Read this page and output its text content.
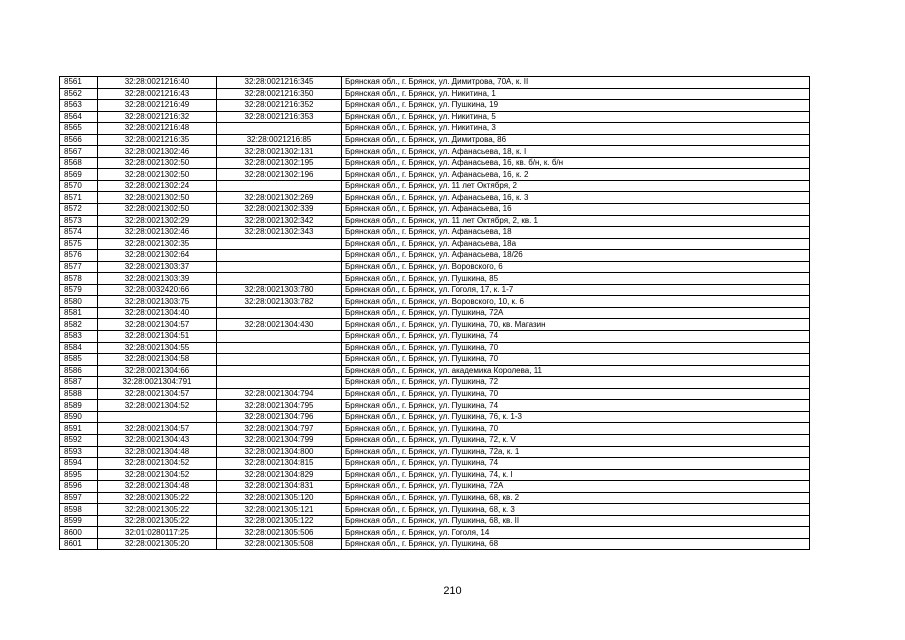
8561	32:28:0021216:40	32:28:0021216:345	Брянская обл., г. Брянск, ул. Димитрова, 70А, к. II
8562	32:28:0021216:43	32:28:0021216:350	Брянская обл., г. Брянск, ул. Никитина, 1
8563	32:28:0021216:49	32:28:0021216:352	Брянская обл., г. Брянск, ул. Пушкина, 19
8564	32:28:0021216:32	32:28:0021216:353	Брянская обл., г. Брянск, ул. Никитина, 5
8565	32:28:0021216:48		Брянская обл., г. Брянск, ул. Никитина, 3
8566	32:28:0021216:35	32:28:0021216:85	Брянская обл., г. Брянск, ул. Димитрова, 86
8567	32:28:0021302:46	32:28:0021302:131	Брянская обл., г. Брянск, ул. Афанасьева, 18, к. I
8568	32:28:0021302:50	32:28:0021302:195	Брянская обл., г. Брянск, ул. Афанасьева, 16, кв. б/н, к. б/н
8569	32:28:0021302:50	32:28:0021302:196	Брянская обл., г. Брянск, ул. Афанасьева, 16, к. 2
8570	32:28:0021302:24		Брянская обл., г. Брянск, ул. 11 лет Октября, 2
8571	32:28:0021302:50	32:28:0021302:269	Брянская обл., г. Брянск, ул. Афанасьева, 16, к. 3
8572	32:28:0021302:50	32:28:0021302:339	Брянская обл., г. Брянск, ул. Афанасьева, 16
8573	32:28:0021302:29	32:28:0021302:342	Брянская обл., г. Брянск, ул. 11 лет Октября, 2, кв. 1
8574	32:28:0021302:46	32:28:0021302:343	Брянская обл., г. Брянск, ул. Афанасьева, 18
8575	32:28:0021302:35		Брянская обл., г. Брянск, ул. Афанасьева, 18а
8576	32:28:0021302:64		Брянская обл., г. Брянск, ул. Афанасьева, 18/26
8577	32:28:0021303:37		Брянская обл., г. Брянск, ул. Воровского, 6
8578	32:28:0021303:39		Брянская обл., г. Брянск, ул. Пушкина, 85
8579	32:28:0032420:66	32:28:0021303:780	Брянская обл., г. Брянск, ул. Гоголя, 17, к. 1-7
8580	32:28:0021303:75	32:28:0021303:782	Брянская обл., г. Брянск, ул. Воровского, 10, к. 6
8581	32:28:0021304:40		Брянская обл., г. Брянск, ул. Пушкина, 72А
8582	32:28:0021304:57	32:28:0021304:430	Брянская обл., г. Брянск, ул. Пушкина, 70, кв. Магазин
8583	32:28:0021304:51		Брянская обл., г. Брянск, ул. Пушкина, 74
8584	32:28:0021304:55		Брянская обл., г. Брянск, ул. Пушкина, 70
8585	32:28:0021304:58		Брянская обл., г. Брянск, ул. Пушкина, 70
8586	32:28:0021304:66		Брянская обл., г. Брянск, ул. академика Королева, 11
8587	32:28:0021304:791		Брянская обл., г. Брянск, ул. Пушкина, 72
8588	32:28:0021304:57	32:28:0021304:794	Брянская обл., г. Брянск, ул. Пушкина, 70
8589	32:28:0021304:52	32:28:0021304:795	Брянская обл., г. Брянск, ул. Пушкина, 74
8590		32:28:0021304:796	Брянская обл., г. Брянск, ул. Пушкина, 76, к. 1-3
8591	32:28:0021304:57	32:28:0021304:797	Брянская обл., г. Брянск, ул. Пушкина, 70
8592	32:28:0021304:43	32:28:0021304:799	Брянская обл., г. Брянск, ул. Пушкина, 72, к. V
8593	32:28:0021304:48	32:28:0021304:800	Брянская обл., г. Брянск, ул. Пушкина, 72а, к. 1
8594	32:28:0021304:52	32:28:0021304:815	Брянская обл., г. Брянск, ул. Пушкина, 74
8595	32:28:0021304:52	32:28:0021304:829	Брянская обл., г. Брянск, ул. Пушкина, 74, к. I
8596	32:28:0021304:48	32:28:0021304:831	Брянская обл., г. Брянск, ул. Пушкина, 72А
8597	32:28:0021305:22	32:28:0021305:120	Брянская обл., г. Брянск, ул. Пушкина, 68, кв. 2
8598	32:28:0021305:22	32:28:0021305:121	Брянская обл., г. Брянск, ул. Пушкина, 68, к. 3
8599	32:28:0021305:22	32:28:0021305:122	Брянская обл., г. Брянск, ул. Пушкина, 68, кв. II
8600	32:01:0280117:25	32:28:0021305:506	Брянская обл., г. Брянск, ул. Гоголя, 14
8601	32:28:0021305:20	32:28:0021305:508	Брянская обл., г. Брянск, ул. Пушкина, 68
210
